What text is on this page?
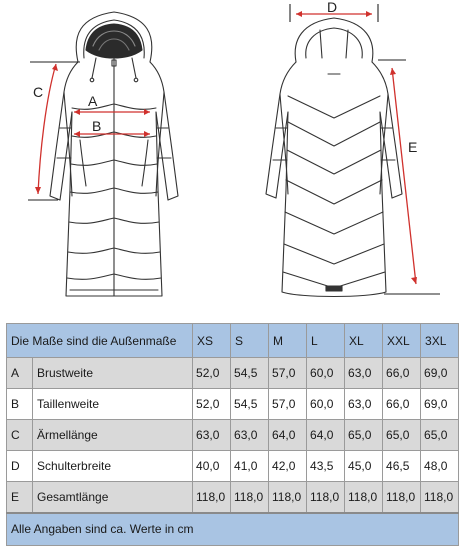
A
B
C
D
E
Die Maße sind die Außenmaße		XS	S	M	L	XL	XXL	3XL
A	Brustweite	52,0	54,5	57,0	60,0	63,0	66,0	69,0
B	Taillenweite	52,0	54,5	57,0	60,0	63,0	66,0	69,0
C	Ärmellänge	63,0	63,0	64,0	64,0	65,0	65,0	65,0
D	Schulterbreite	40,0	41,0	42,0	43,5	45,0	46,5	48,0
E	Gesamtlänge	118,0	118,0	118,0	118,0	118,0	118,0	118,0
Alle Angaben sind ca. Werte in cm								
